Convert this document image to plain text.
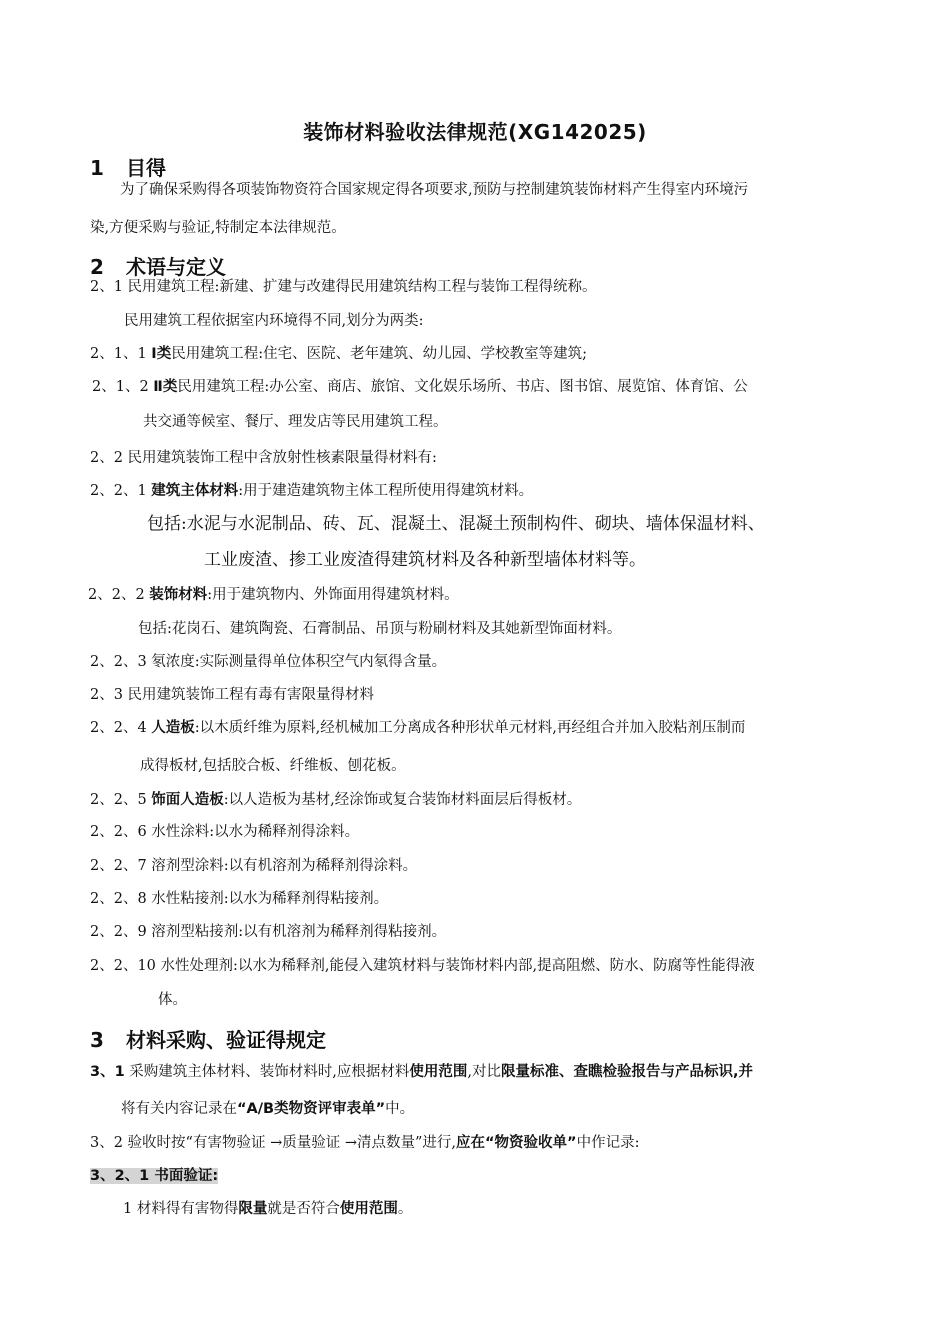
装饰材料验收法律规范(XG142025)
1 目得
为了确保采购得各项装饰物资符合国家规定得各项要求,预防与控制建筑装饰材料产生得室内环境污
染,方便采购与验证,特制定本法律规范。
2 术语与定义
2、1 民用建筑工程:新建、扩建与改建得民用建筑结构工程与装饰工程得统称。
民用建筑工程依据室内环境得不同,划分为两类:
2、1、1 Ⅰ类民用建筑工程:住宅、医院、老年建筑、幼儿园、学校教室等建筑;
2、1、2 Ⅱ类民用建筑工程:办公室、商店、旅馆、文化娱乐场所、书店、图书馆、展览馆、体育馆、公
共交通等候室、餐厅、理发店等民用建筑工程。
2、2 民用建筑装饰工程中含放射性核素限量得材料有:
2、2、1 建筑主体材料:用于建造建筑物主体工程所使用得建筑材料。
包括:水泥与水泥制品、砖、瓦、混凝土、混凝土预制构件、砌块、墙体保温材料、
工业废渣、掺工业废渣得建筑材料及各种新型墙体材料等。
2、2、2 装饰材料:用于建筑物内、外饰面用得建筑材料。
包括:花岗石、建筑陶瓷、石膏制品、吊顶与粉刷材料及其她新型饰面材料。
2、2、3 氡浓度:实际测量得单位体积空气内氡得含量。
2、3 民用建筑装饰工程有毒有害限量得材料
2、2、4 人造板:以木质纤维为原料,经机械加工分离成各种形状单元材料,再经组合并加入胶粘剂压制而
成得板材,包括胶合板、纤维板、刨花板。
2、2、5 饰面人造板:以人造板为基材,经涂饰或复合装饰材料面层后得板材。
2、2、6 水性涂料:以水为稀释剂得涂料。
2、2、7 溶剂型涂料:以有机溶剂为稀释剂得涂料。
2、2、8 水性粘接剂:以水为稀释剂得粘接剂。
2、2、9 溶剂型粘接剂:以有机溶剂为稀释剂得粘接剂。
2、2、10 水性处理剂:以水为稀释剂,能侵入建筑材料与装饰材料内部,提高阻燃、防水、防腐等性能得液
体。
3 材料采购、验证得规定
3、1 采购建筑主体材料、装饰材料时,应根据材料使用范围,对比限量标准、查瞧检验报告与产品标识,并
将有关内容记录在“A/B类物资评审表单”中。
3、2 验收时按“有害物验证 →质量验证 →清点数量”进行,应在“物资验收单”中作记录:
3、2、1 书面验证:
1 材料得有害物得限量就是否符合使用范围。
